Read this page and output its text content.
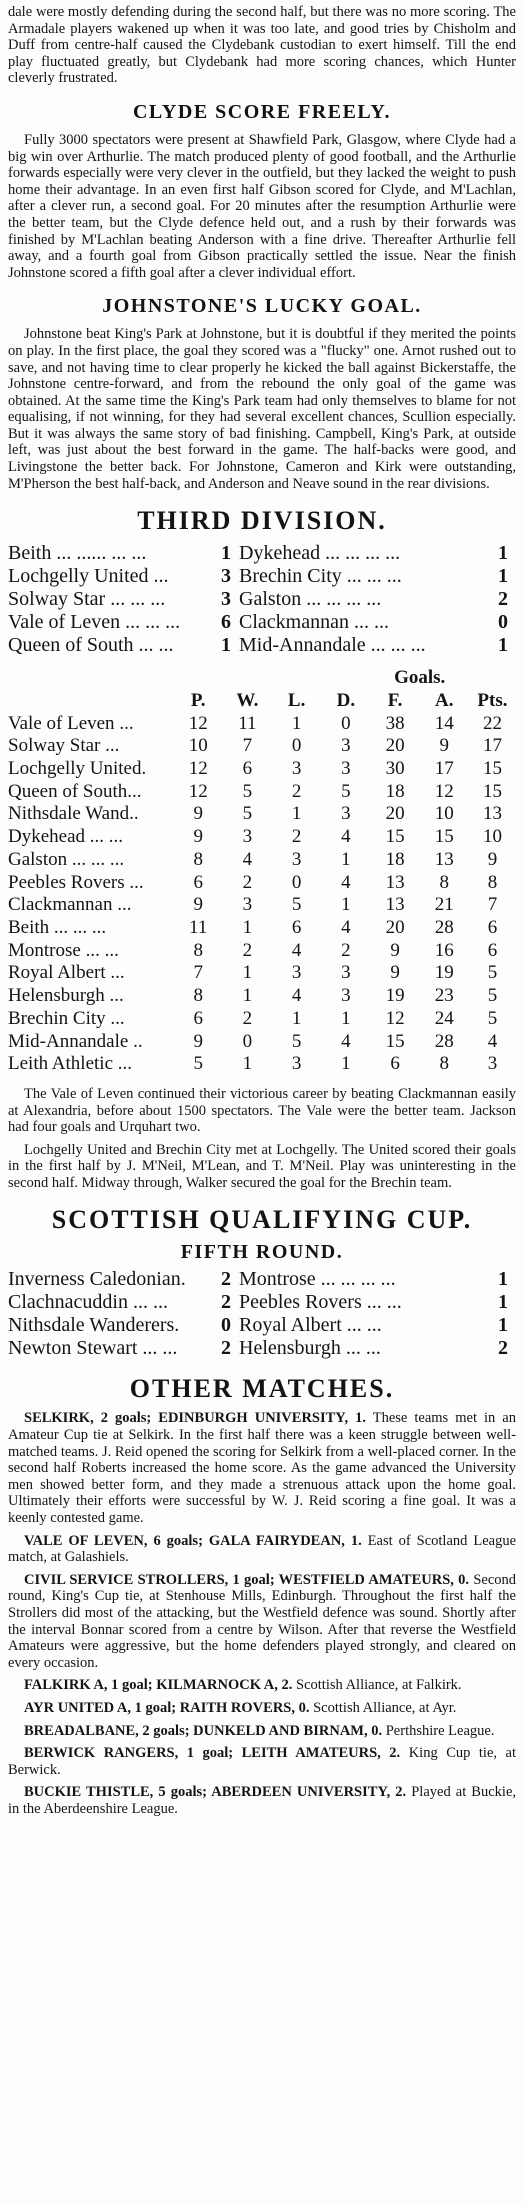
dale were mostly defending during the second half, but there was no more scoring. The Armadale players wakened up when it was too late, and good tries by Chisholm and Duff from centre-half caused the Clydebank custodian to exert himself. Till the end play fluctuated greatly, but Clydebank had more scoring chances, which Hunter cleverly frustrated.

CLYDE SCORE FREELY.

Fully 3000 spectators were present at Shawfield Park, Glasgow, where Clyde had a big win over Arthurlie. The match produced plenty of good football, and the Arthurlie forwards especially were very clever in the outfield, but they lacked the weight to push home their advantage. In an even first half Gibson scored for Clyde, and M'Lachlan, after a clever run, a second goal. For 20 minutes after the resumption Arthurlie were the better team, but the Clyde defence held out, and a rush by their forwards was finished by M'Lachlan beating Anderson with a fine drive. Thereafter Arthurlie fell away, and a fourth goal from Gibson practically settled the issue. Near the finish Johnstone scored a fifth goal after a clever individual effort.

JOHNSTONE'S LUCKY GOAL.

Johnstone beat King's Park at Johnstone, but it is doubtful if they merited the points on play. In the first place, the goal they scored was a "flucky" one. Arnot rushed out to save, and not having time to clear properly he kicked the ball against Bickerstaffe, the Johnstone centre-forward, and from the rebound the only goal of the game was obtained. At the same time the King's Park team had only themselves to blame for not equalising, if not winning, for they had several excellent chances, Scullion especially. But it was always the same story of bad finishing. Campbell, King's Park, at outside left, was just about the best forward in the game. The half-backs were good, and Livingstone the better back. For Johnstone, Cameron and Kirk were outstanding, M'Pherson the best half-back, and Anderson and Neave sound in the rear divisions.

THIRD DIVISION.
Beith ... ...... ... ...	1	Dykehead ... ... ... ...	1
Lochgelly United ...	3	Brechin City ... ... ...	1
Solway Star ... ... ...	3	Galston ... ... ... ...	2
Vale of Leven ... ... ...	6	Clackmannan ... ...	0
Queen of South ... ...	1	Mid-Annandale ... ... ...	1
					Goals.		
	P.	W.	L.	D.	F.	A.	Pts.
Vale of Leven ...	12	11	1	0	38	14	22
Solway Star ...	10	7	0	3	20	9	17
Lochgelly United.	12	6	3	3	30	17	15
Queen of South...	12	5	2	5	18	12	15
Nithsdale Wand..	9	5	1	3	20	10	13
Dykehead ... ...	9	3	2	4	15	15	10
Galston ... ... ...	8	4	3	1	18	13	9
Peebles Rovers ...	6	2	0	4	13	8	8
Clackmannan ...	9	3	5	1	13	21	7
Beith ... ... ...	11	1	6	4	20	28	6
Montrose ... ...	8	2	4	2	9	16	6
Royal Albert ...	7	1	3	3	9	19	5
Helensburgh ...	8	1	4	3	19	23	5
Brechin City ...	6	2	1	1	12	24	5
Mid-Annandale ..	9	0	5	4	15	28	4
Leith Athletic ...	5	1	3	1	6	8	3

The Vale of Leven continued their victorious career by beating Clackmannan easily at Alexandria, before about 1500 spectators. The Vale were the better team. Jackson had four goals and Urquhart two.

Lochgelly United and Brechin City met at Lochgelly. The United scored their goals in the first half by J. M'Neil, M'Lean, and T. M'Neil. Play was uninteresting in the second half. Midway through, Walker secured the goal for the Brechin team.

SCOTTISH QUALIFYING CUP.
FIFTH ROUND.
Inverness Caledonian.	2	Montrose ... ... ... ...	1
Clachnacuddin ... ...	2	Peebles Rovers ... ...	1
Nithsdale Wanderers.	0	Royal Albert ... ...	1
Newton Stewart ... ...	2	Helensburgh ... ...	2
OTHER MATCHES.

SELKIRK, 2 goals; EDINBURGH UNIVERSITY, 1. These teams met in an Amateur Cup tie at Selkirk. In the first half there was a keen struggle between well-matched teams. J. Reid opened the scoring for Selkirk from a well-placed corner. In the second half Roberts increased the home score. As the game advanced the University men showed better form, and they made a strenuous attack upon the home goal. Ultimately their efforts were successful by W. J. Reid scoring a fine goal. It was a keenly contested game.

VALE OF LEVEN, 6 goals; GALA FAIRYDEAN, 1. East of Scotland League match, at Galashiels.

CIVIL SERVICE STROLLERS, 1 goal; WESTFIELD AMATEURS, 0. Second round, King's Cup tie, at Stenhouse Mills, Edinburgh. Throughout the first half the Strollers did most of the attacking, but the Westfield defence was sound. Shortly after the interval Bonnar scored from a centre by Wilson. After that reverse the Westfield Amateurs were aggressive, but the home defenders played strongly, and cleared on every occasion.

FALKIRK A, 1 goal; KILMARNOCK A, 2. Scottish Alliance, at Falkirk.

AYR UNITED A, 1 goal; RAITH ROVERS, 0. Scottish Alliance, at Ayr.

BREADALBANE, 2 goals; DUNKELD AND BIRNAM, 0. Perthshire League.

BERWICK RANGERS, 1 goal; LEITH AMATEURS, 2. King Cup tie, at Berwick.

BUCKIE THISTLE, 5 goals; ABERDEEN UNIVERSITY, 2. Played at Buckie, in the Aberdeenshire League.
